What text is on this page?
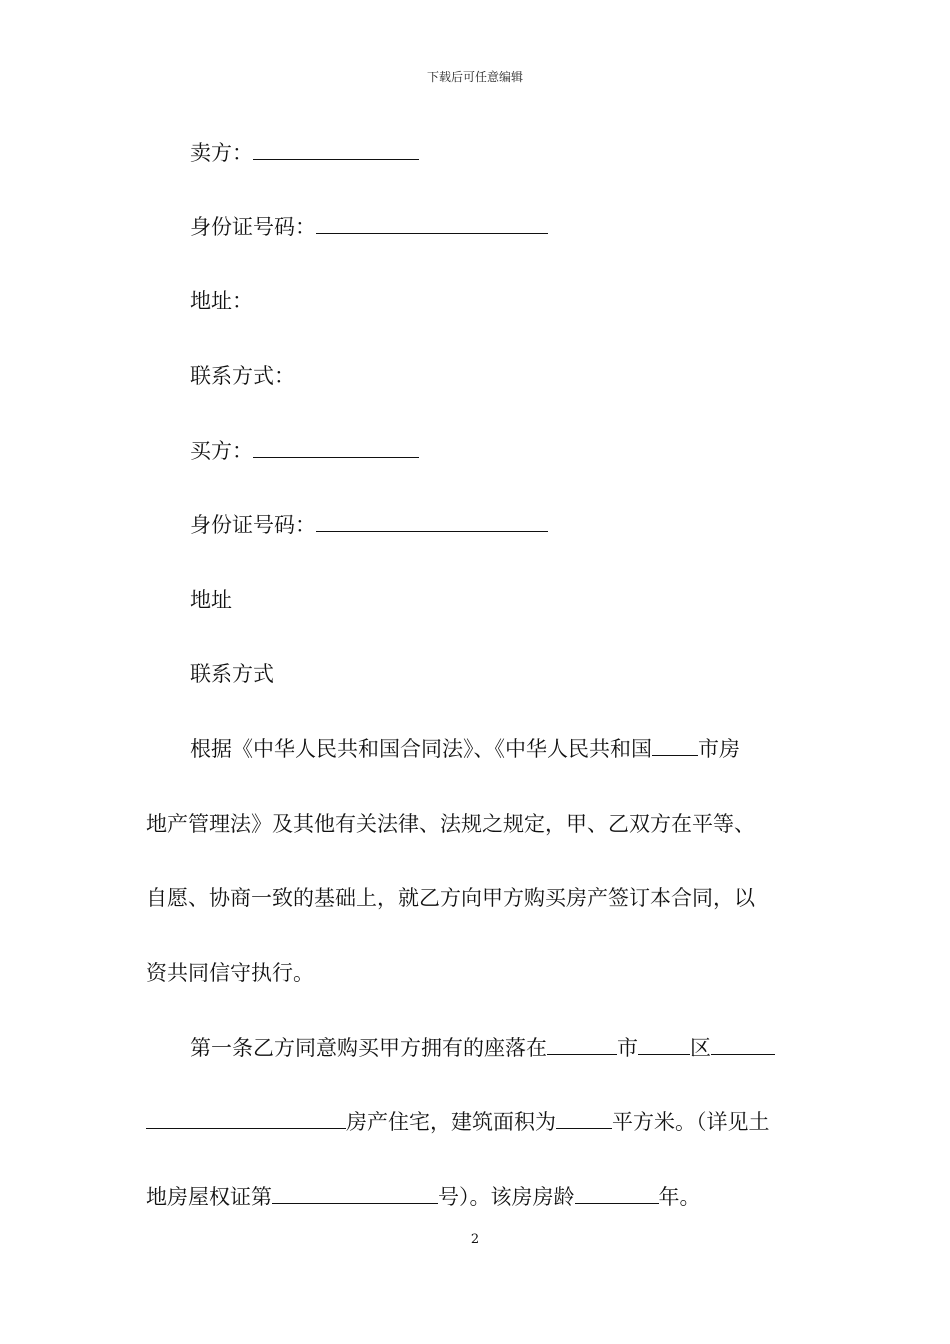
下载后可任意编辑
卖方：
身份证号码：
地址：
联系方式：
买方：
身份证号码：
地址
联系方式
根据《中华人民共和国合同法》、《中华人民共和国 市房
地产管理法》及其他有关法律、法规之规定，甲、乙双方在平等、
自愿、协商一致的基础上，就乙方向甲方购买房产签订本合同，以
资共同信守执行。
第一条乙方同意购买甲方拥有的座落在	市 区
房产住宅，建筑面积为	平方米。（详见土
地房屋权证第	号）。该房房龄	年。
2
